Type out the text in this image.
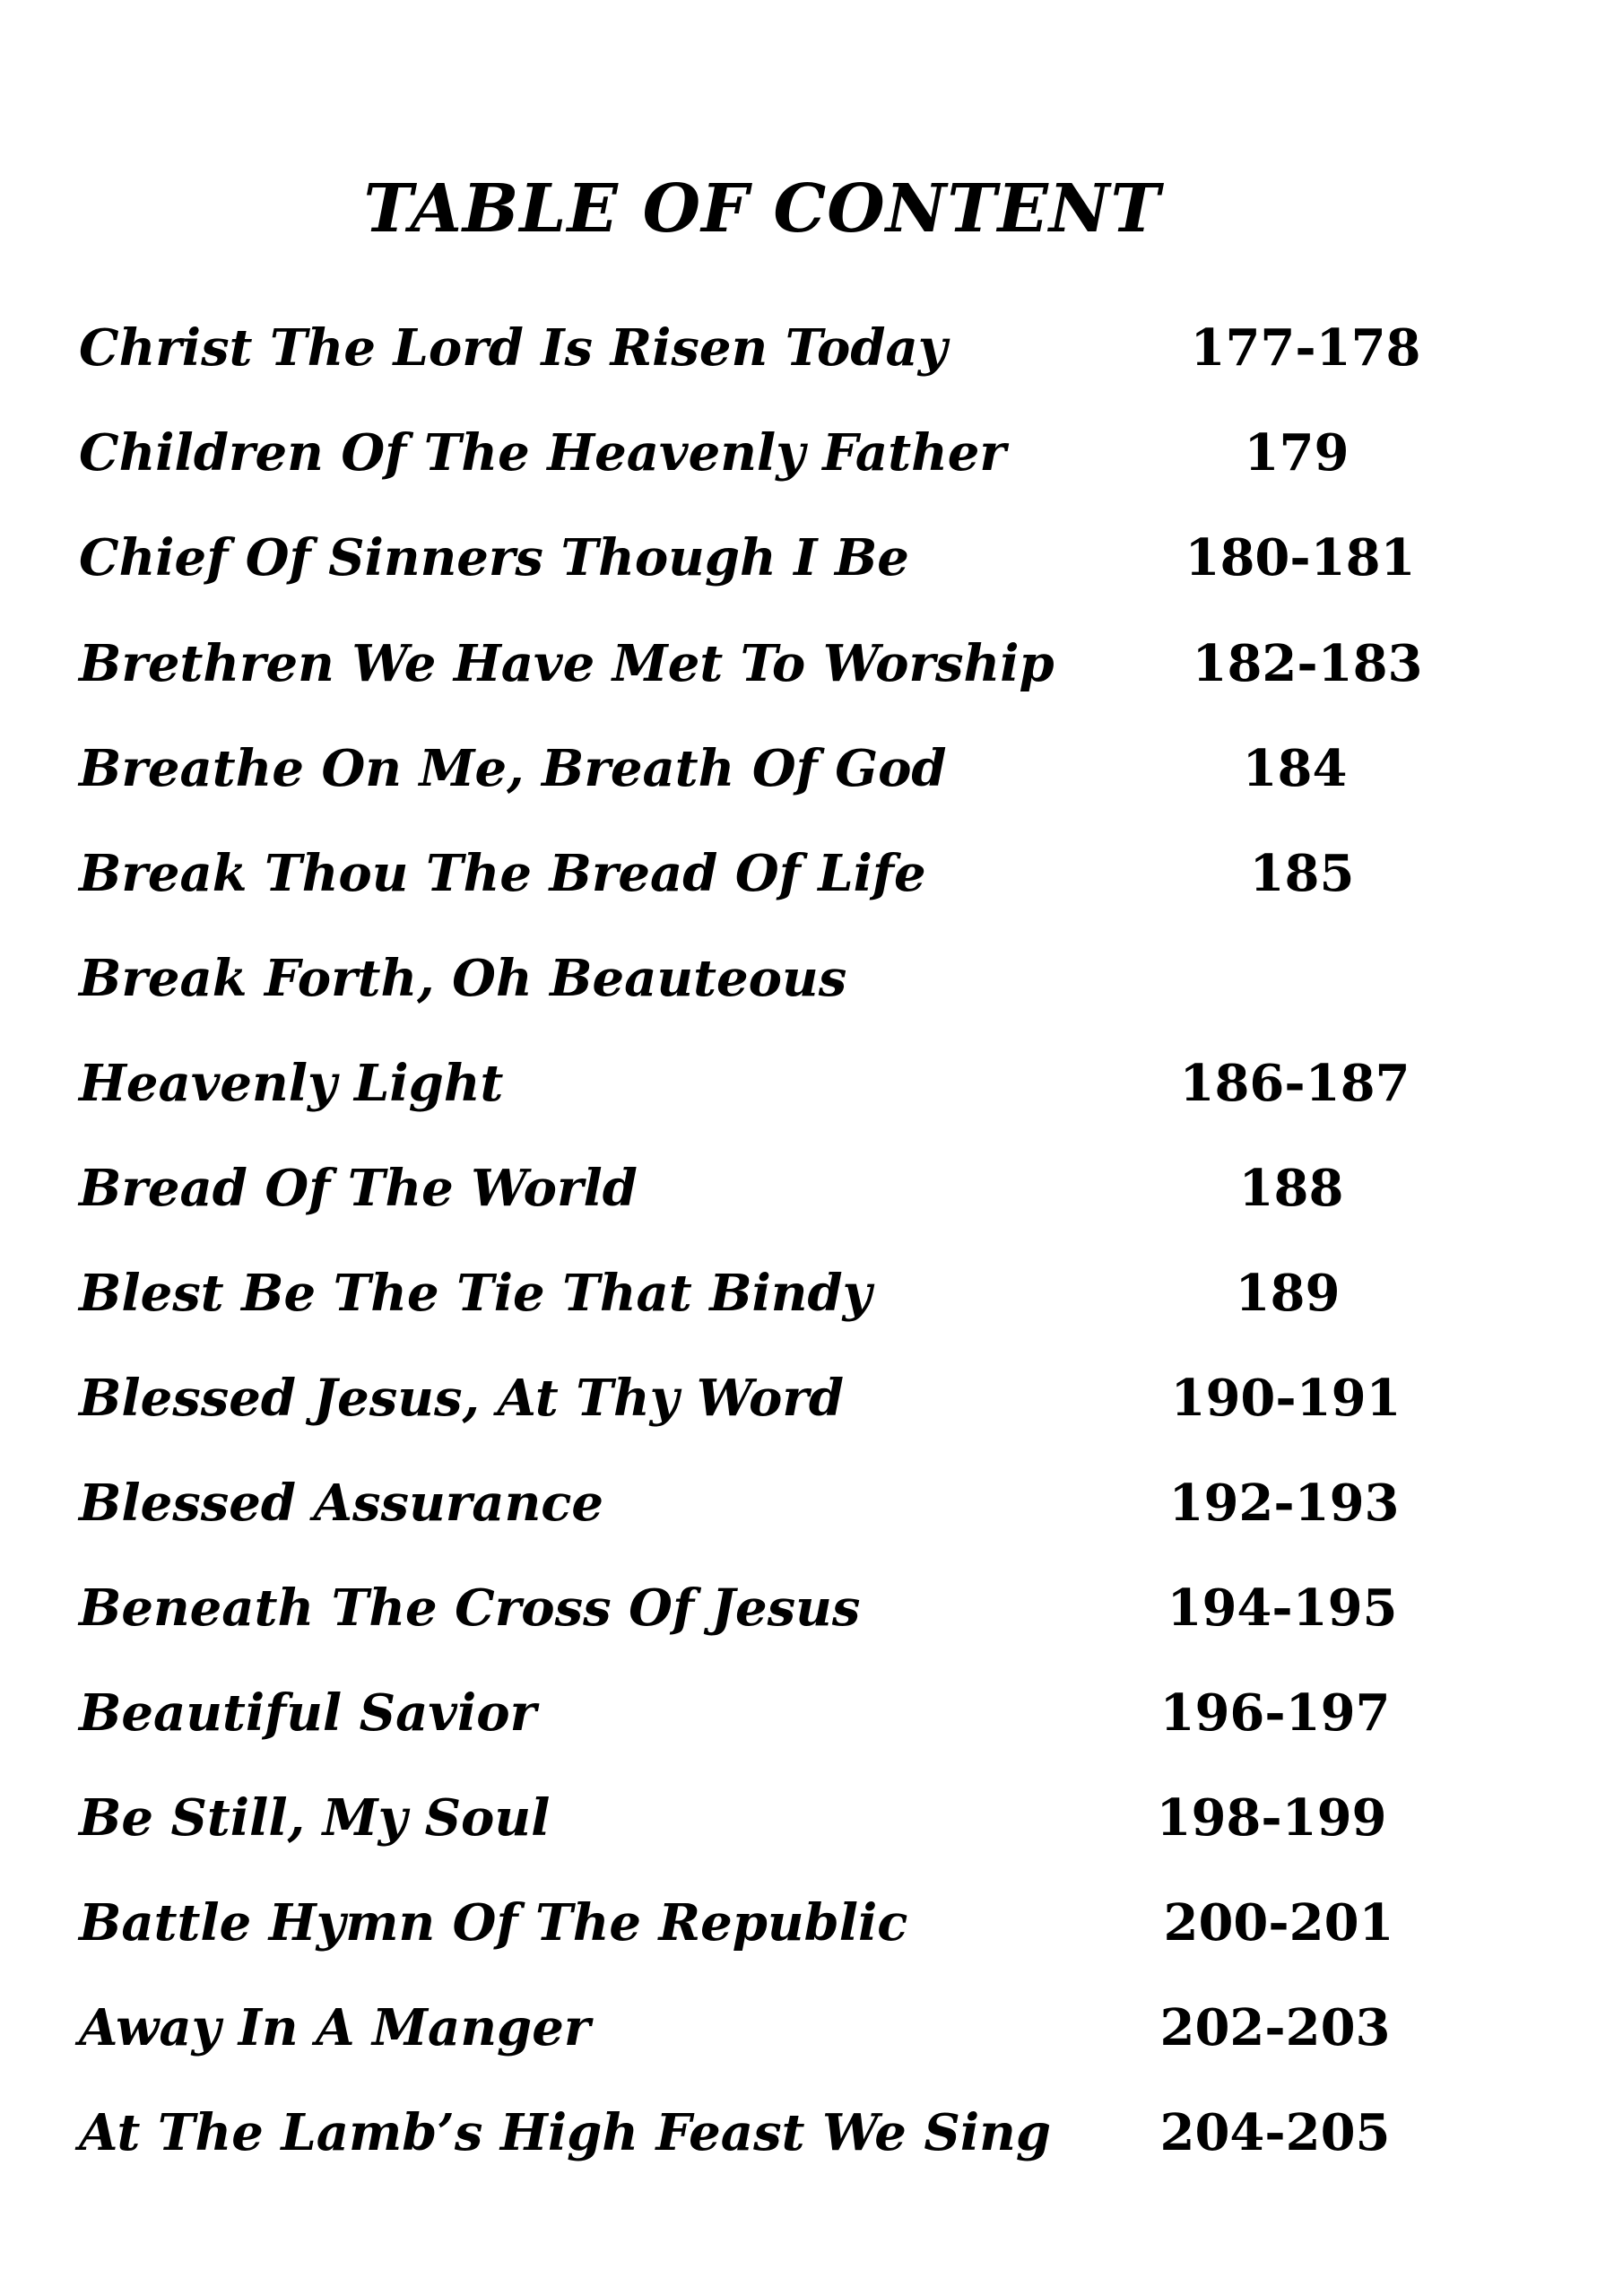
TABLE OF CONTENT
Christ The Lord Is Risen Today	177-178
Children Of The Heavenly Father	179
Chief Of Sinners Though I Be	180-181
Brethren We Have Met To Worship	182-183
Breathe On Me, Breath Of God	184
Break Thou The Bread Of Life	185
Break Forth, Oh Beauteous
Heavenly Light	186-187
Bread Of The World	188
Blest Be The Tie That Bindy	189
Blessed Jesus, At Thy Word	190-191
Blessed Assurance	192-193
Beneath The Cross Of Jesus	194-195
Beautiful Savior	196-197
Be Still, My Soul	198-199
Battle Hymn Of The Republic	200-201
Away In A Manger	202-203
At The Lamb’s High Feast We Sing 204-205
